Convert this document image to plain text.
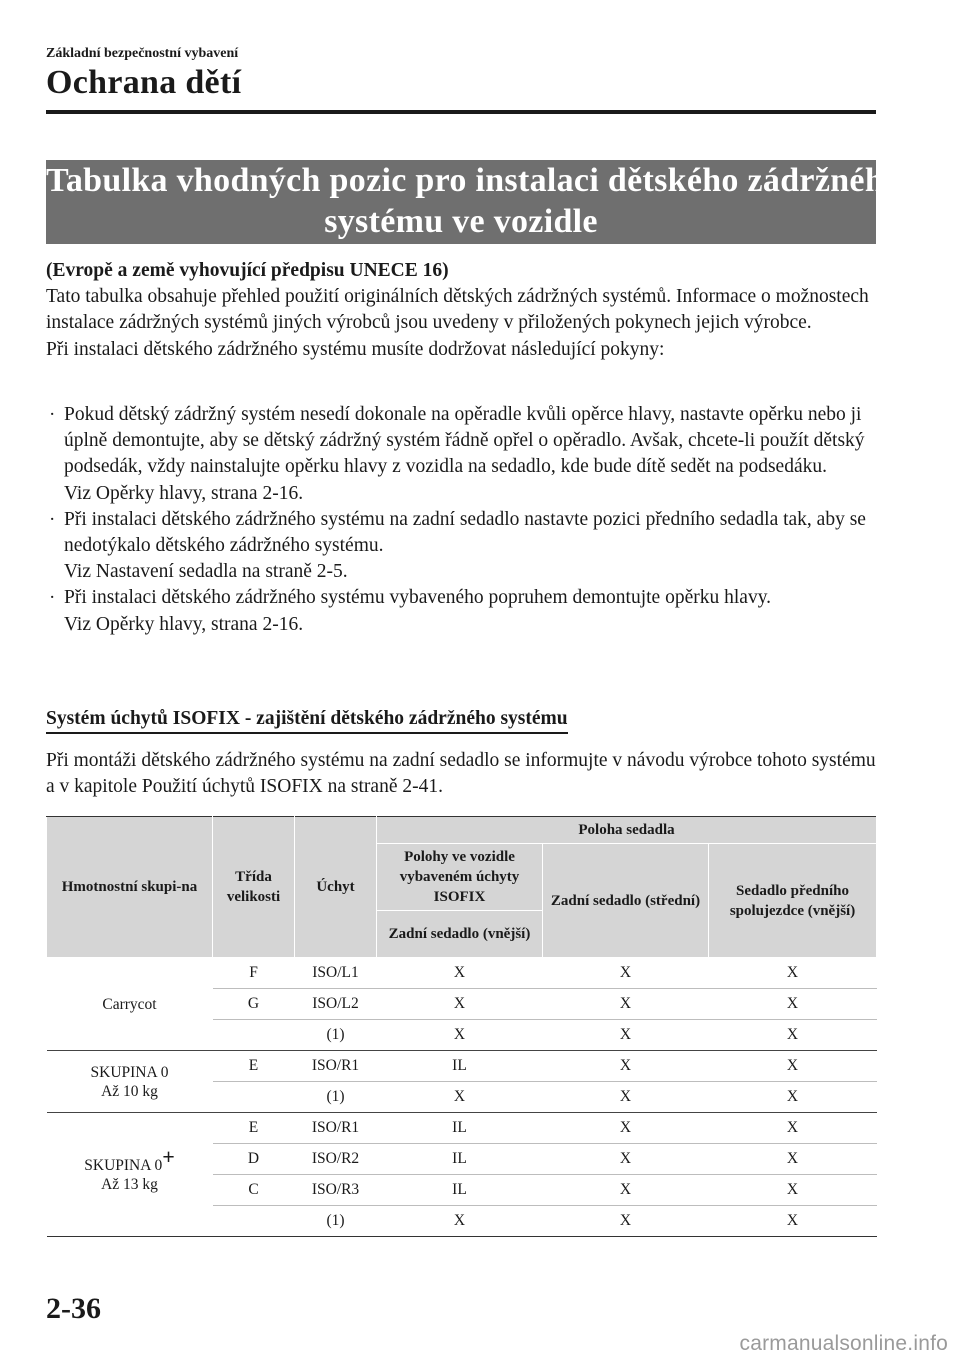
Základní bezpečnostní vybavení
Ochrana dětí
Tabulka vhodných pozic pro instalaci dětského zádržného
systému ve vozidle
(Evropě a země vyhovující předpisu UNECE 16)
Tato tabulka obsahuje přehled použití originálních dětských zádržných systémů. Informace o možnostech instalace zádržných systémů jiných výrobců jsou uvedeny v přiložených pokynech jejich výrobce.
Při instalaci dětského zádržného systému musíte dodržovat následující pokyny:
· Pokud dětský zádržný systém nesedí dokonale na opěradle kvůli opěrce hlavy, nastavte opěrku nebo ji úplně demontujte, aby se dětský zádržný systém řádně opřel o opěradlo. Avšak, chcete-li použít dětský podsedák, vždy nainstalujte opěrku hlavy z vozidla na sedadlo, kde bude dítě sedět na podsedáku.
Viz Opěrky hlavy, strana 2-16.
· Při instalaci dětského zádržného systému na zadní sedadlo nastavte pozici předního sedadla tak, aby se nedotýkalo dětského zádržného systému.
Viz Nastavení sedadla na straně 2-5.
· Při instalaci dětského zádržného systému vybaveného popruhem demontujte opěrku hlavy.
Viz Opěrky hlavy, strana 2-16.
Systém úchytů ISOFIX - zajištění dětského zádržného systému
Při montáži dětského zádržného systému na zadní sedadlo se informujte v návodu výrobce tohoto systému a v kapitole Použití úchytů ISOFIX na straně 2-41.
Hmotnostní skupi-na	Třída velikosti	Úchyt	Poloha sedadla		
			Polohy ve vozidle vybaveném úchyty ISOFIX	Zadní sedadlo (střední)	Sedadlo předního spolujezdce (vnější)
			Zadní sedadlo (vnější)		
Carrycot	F	ISO/L1	X	X	X
	G	ISO/L2	X	X	X
		(1)	X	X	X

SKUPINA 0
Až 10 kg	E	ISO/R1	IL	X	X
		(1)	X	X	X

SKUPINA 0+
Až 13 kg	E	ISO/R1	IL	X	X
	D	ISO/R2	IL	X	X
	C	ISO/R3	IL	X	X
		(1)	X	X	X
2-36
carmanualsonline.info
